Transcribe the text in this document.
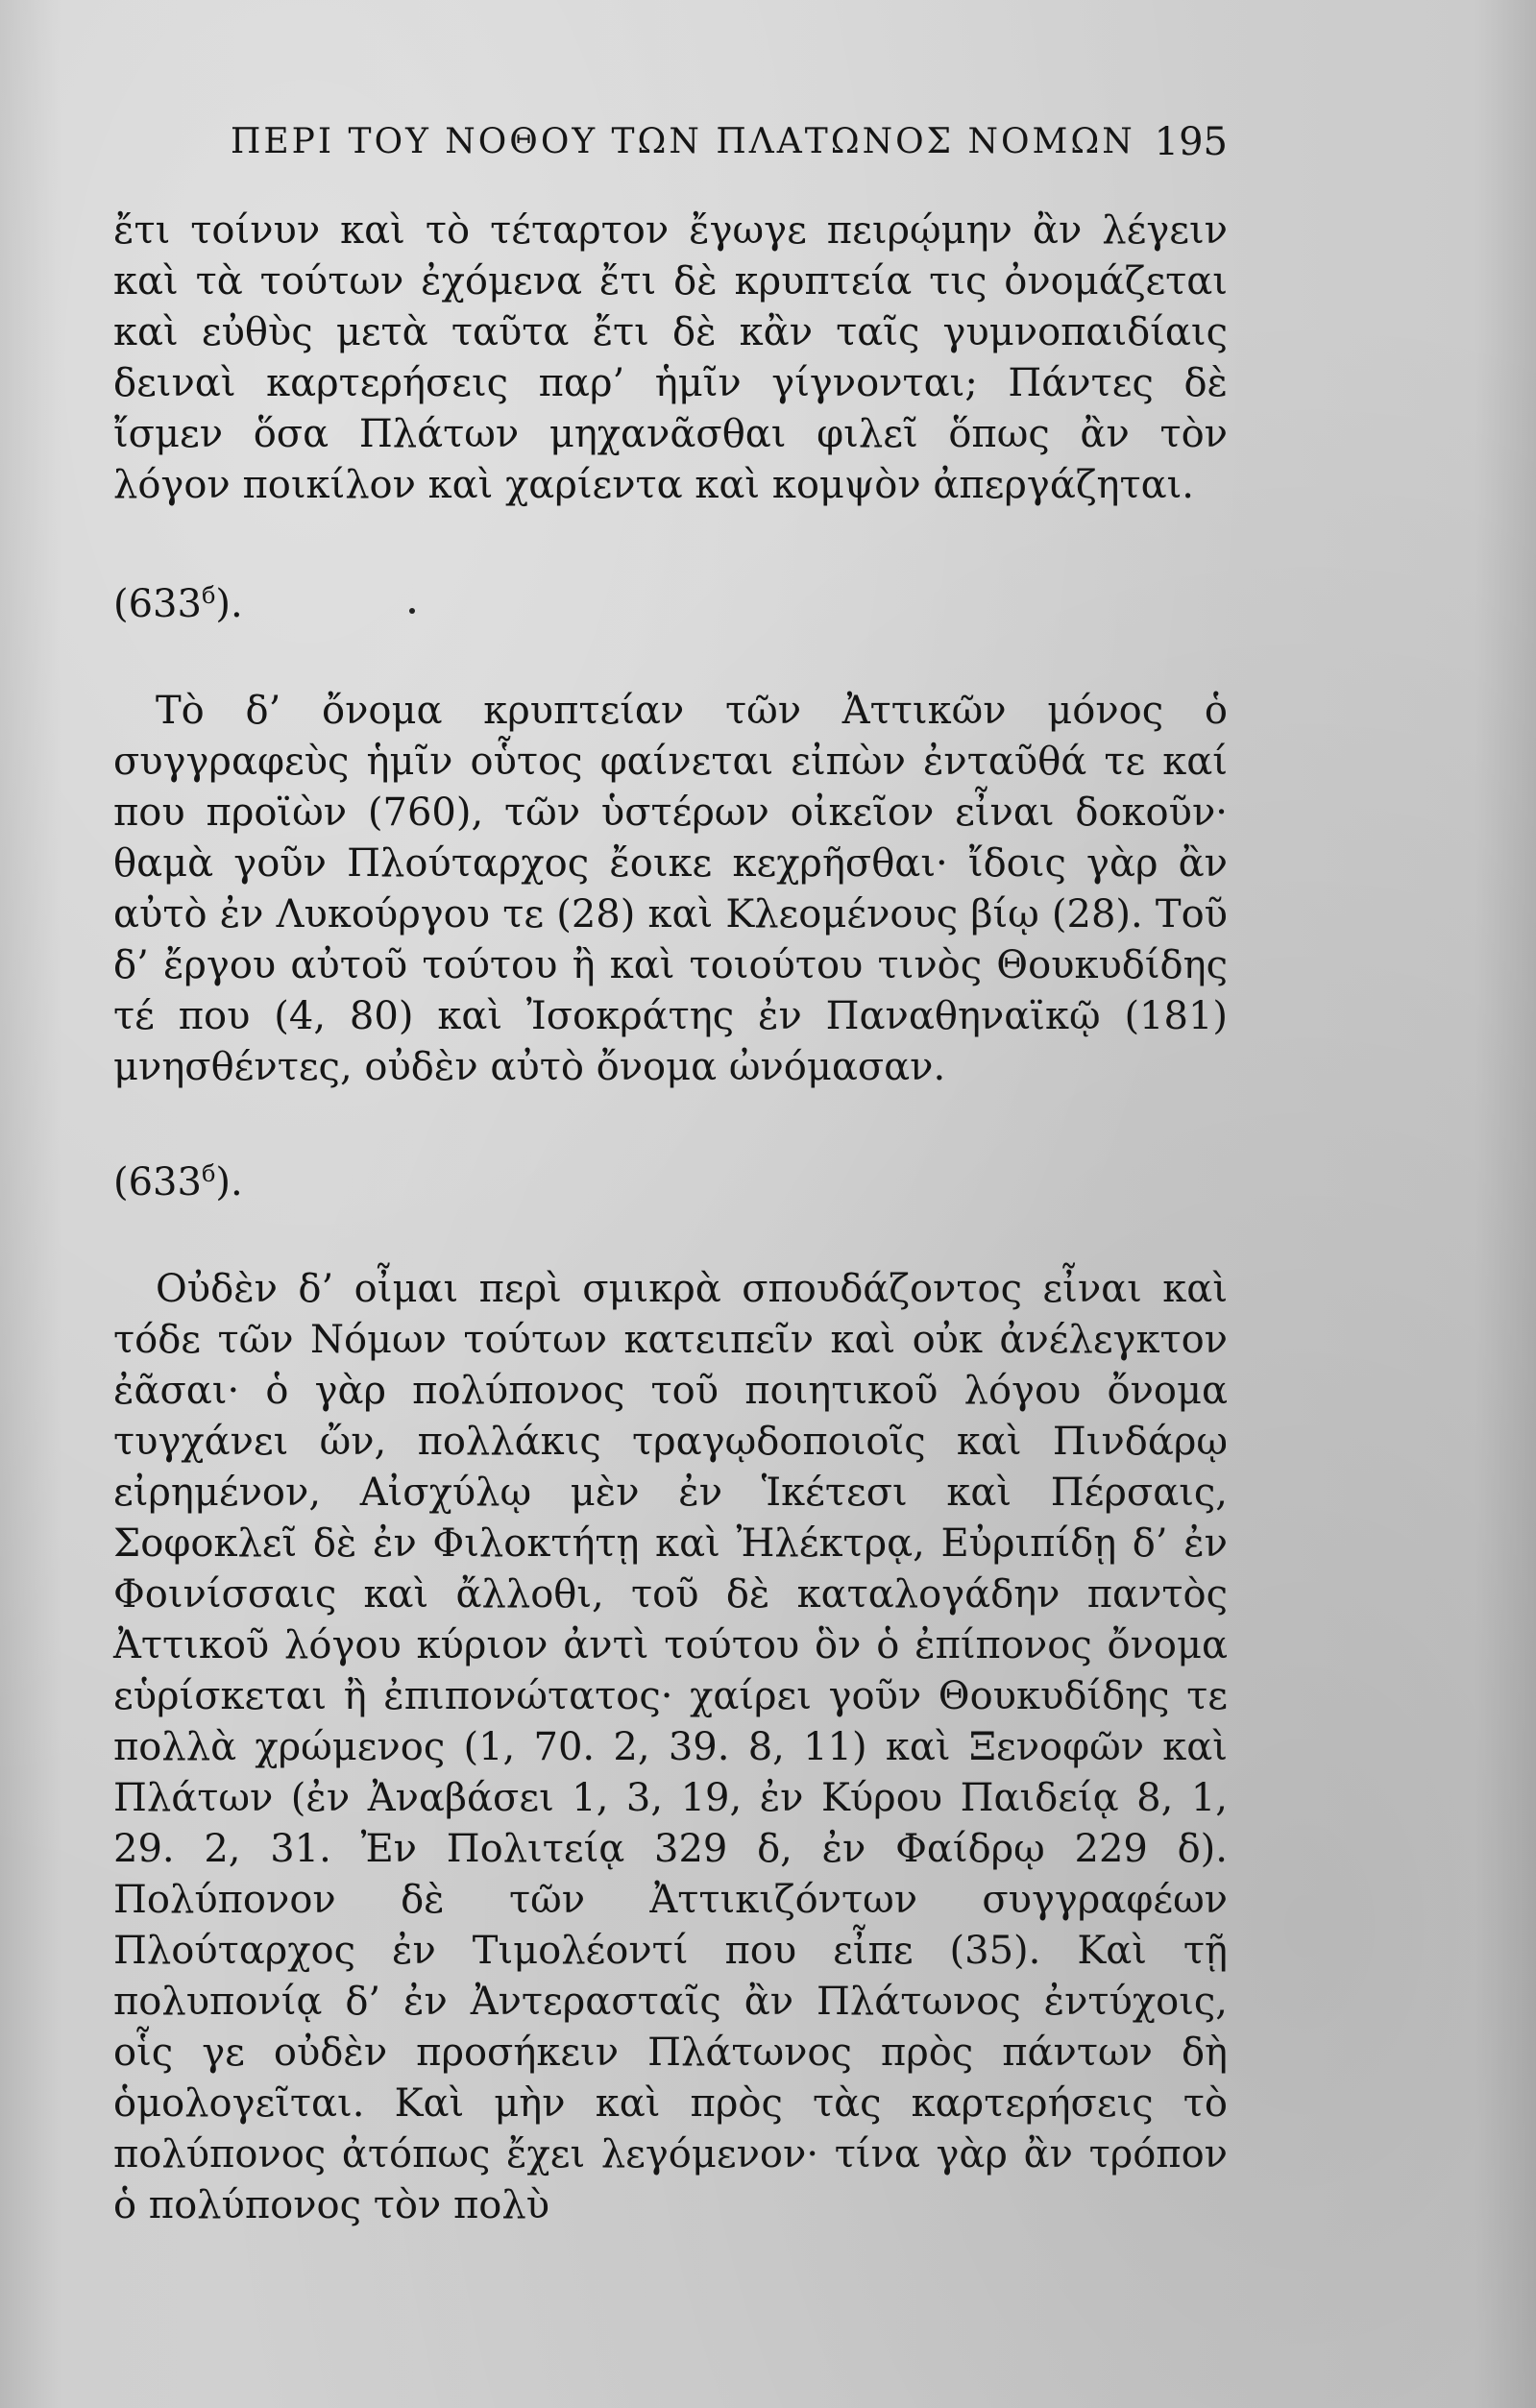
ΠΕΡΙ ΤΟΥ ΝΟΘΟΥ ΤΩΝ ΠΛΑΤΩΝΟΣ ΝΟΜΩΝ 195

ἔτι τοίνυν καὶ τὸ τέταρτον ἔγωγε πειρῴμην ἂν λέγειν καὶ τὰ τούτων ἐχόμενα ἔτι δὲ κρυπτεία τις ὀνομάζεται καὶ εὐθὺς μετὰ ταῦτα ἔτι δὲ κἂν ταῖς γυμνοπαιδίαις δειναὶ καρτερήσεις παρ’ ἡμῖν γίγνονται; Πάντες δὲ ἴσμεν ὅσα Πλάτων μηχανᾶσθαι φιλεῖ ὅπως ἂν τὸν λόγον ποικίλον καὶ χαρίεντα καὶ κομψὸν ἀπεργάζηται.

$(633^б)$.

Τὸ δ’ ὄνομα κρυπτείαν τῶν Ἀττικῶν μόνος ὁ συγγραφεὺς ἡμῖν οὗτος φαίνεται εἰπὼν ἐνταῦθά τε καί που προϊὼν (760), τῶν ὑστέρων οἰκεῖον εἶναι δοκοῦν· θαμὰ γοῦν Πλούταρχος ἔοικε κεχρῆσθαι· ἴδοις γὰρ ἂν αὐτὸ ἐν Λυκούργου τε (28) καὶ Κλεομένους βίῳ (28). Τοῦ δ’ ἔργου αὐτοῦ τούτου ἢ καὶ τοιούτου τινὸς Θουκυδίδης τέ που (4, 80) καὶ Ἰσοκράτης ἐν Παναθηναϊκῷ (181) μνησθέντες, οὐδὲν αὐτὸ ὄνομα ὠνόμασαν.

$(633^б)$.

Οὐδὲν δ’ οἶμαι περὶ σμικρὰ σπουδάζοντος εἶναι καὶ τόδε τῶν Νόμων τούτων κατειπεῖν καὶ οὐκ ἀνέλεγκτον ἐᾶσαι· ὁ γὰρ πολύπονος τοῦ ποιητικοῦ λόγου ὄνομα τυγχάνει ὤν, πολλάκις τραγῳδοποιοῖς καὶ Πινδάρῳ εἰρημένον, Αἰσχύλῳ μὲν ἐν Ἱκέτεσι καὶ Πέρσαις, Σοφοκλεῖ δὲ ἐν Φιλοκτήτῃ καὶ Ἠλέκτρᾳ, Εὐριπίδῃ δ’ ἐν Φοινίσσαις καὶ ἄλλοθι, τοῦ δὲ καταλογάδην παντὸς Ἀττικοῦ λόγου κύριον ἀντὶ τούτου ὃν ὁ ἐπίπονος ὄνομα εὑρίσκεται ἢ ἐπιπονώτατος· χαίρει γοῦν Θουκυδίδης τε πολλὰ χρώμενος (1, 70. 2, 39. 8, 11) καὶ Ξενοφῶν καὶ Πλάτων (ἐν Ἀναβάσει 1, 3, 19, ἐν Κύρου Παιδείᾳ 8, 1, 29. 2, 31. Ἐν Πολιτείᾳ 329 δ, ἐν Φαίδρῳ 229 δ). Πολύπονον δὲ τῶν Ἀττικιζόντων συγγραφέων Πλούταρχος ἐν Τιμολέοντί που εἶπε (35). Καὶ τῇ πολυπονίᾳ δ’ ἐν Ἀντερασταῖς ἂν Πλάτωνος ἐντύχοις, οἷς γε οὐδὲν προσήκειν Πλάτωνος πρὸς πάντων δὴ ὁμολογεῖται. Καὶ μὴν καὶ πρὸς τὰς καρτερήσεις τὸ πολύπονος ἀτόπως ἔχει λεγόμενον· τίνα γὰρ ἂν τρόπον ὁ πολύπονος τὸν πολὺ
